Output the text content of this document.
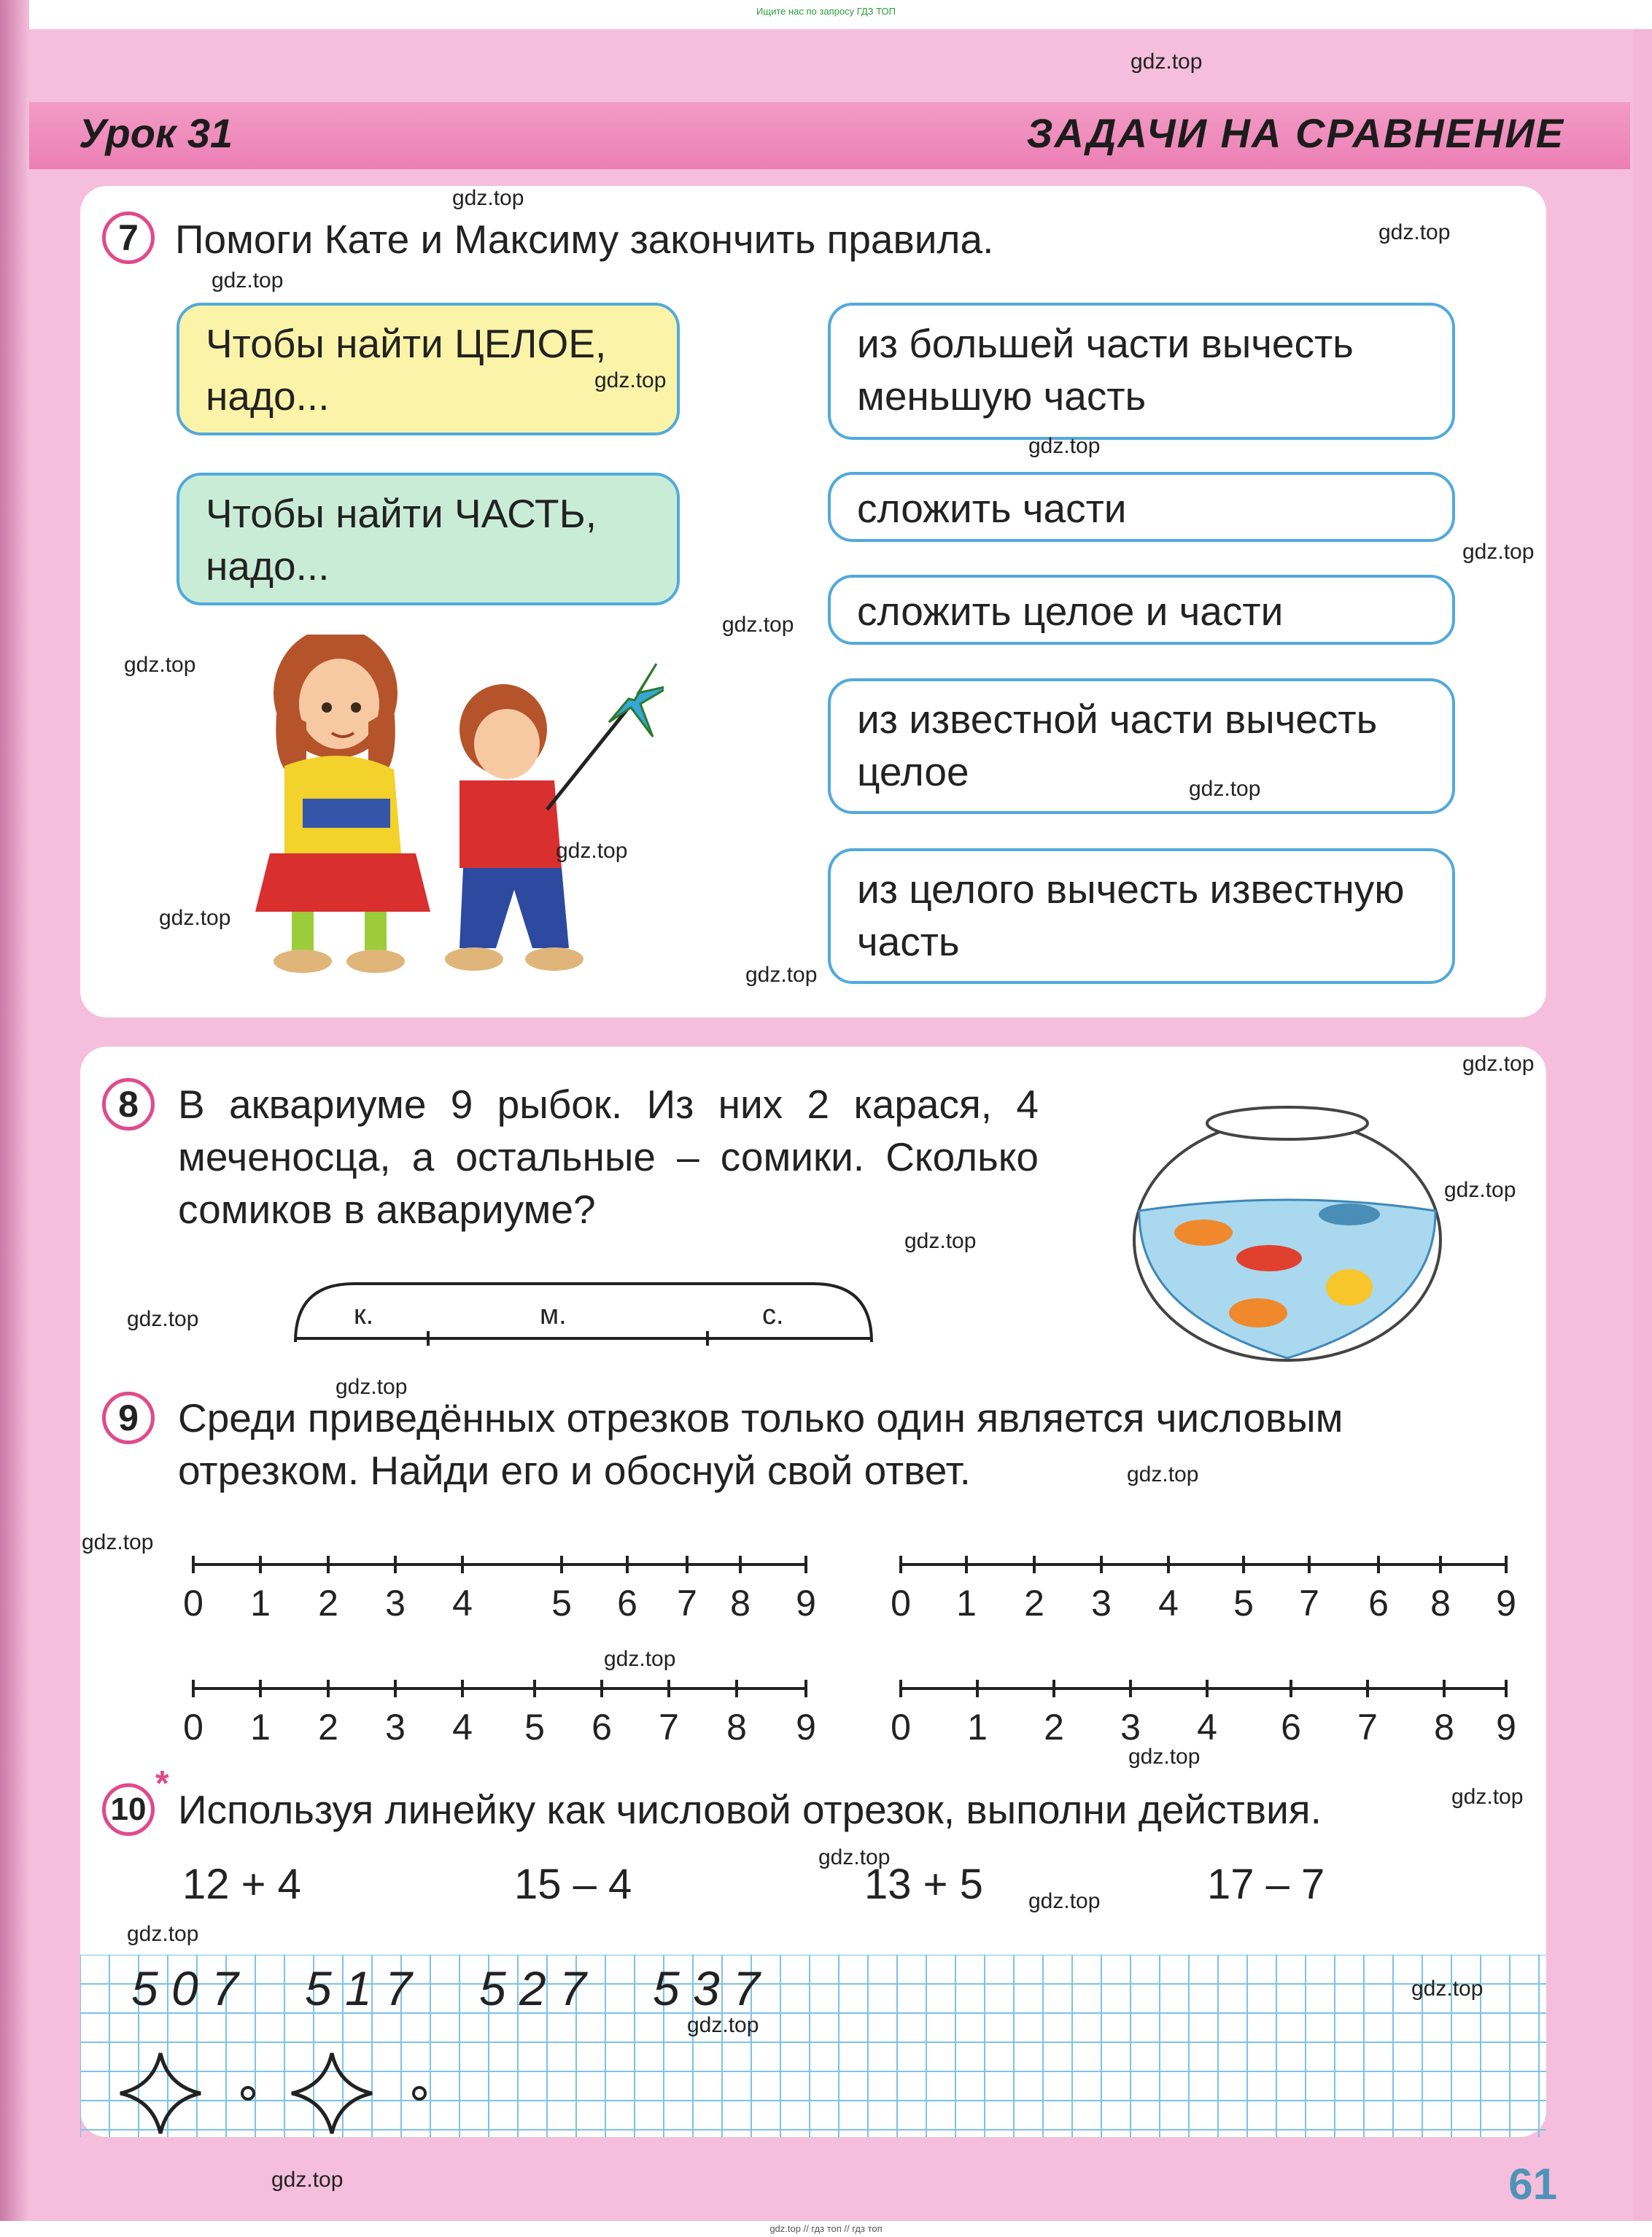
Ищите нас по запросу ГДЗ ТОП
Урок 31	ЗАДАЧИ НА СРАВНЕНИЕ
7 Помоги Кате и Максиму закончить правила.
Чтобы найти ЦЕЛОЕ, надо...
Чтобы найти ЧАСТЬ, надо...
из большей части вычесть меньшую часть
сложить части
сложить целое и части
из известной части вычесть целое
из целого вычесть известную часть
8 В аквариуме 9 рыбок. Из них 2 карася, 4 меченосца, а остальные – сомики. Сколько сомиков в аквариуме?
к.	м.	с.
9 Среди приведённых отрезков только один является числовым отрезком. Найди его и обоснуй свой ответ.
0 1 2 3 4 5 6 7 8 9 0 1 2 3 4 5 7 6 8 9
0 1 2 3 4 5 6 7 8 9 0 1 2 3 4 6 7 8 9
*
10 Используя линейку как числовой отрезок, выполни действия.
12 + 4	15 – 4	13 + 5	17 – 7
5 0 7 5 1 7 5 2 7 5 3 7
61
gdz.top
gdz.top
gdz.top
gdz.top
gdz.top
gdz.top
gdz.top
gdz.top
gdz.top
gdz.top
gdz.top
gdz.top
gdz.top
gdz.top
gdz.top
gdz.top
gdz.top
gdz.top
gdz.top
gdz.top
gdz.top
gdz.top
gdz.top
gdz.top
gdz.top
gdz.top
gdz.top
gdz.top
gdz.top
gdz.top // гдз топ // гдз топ
